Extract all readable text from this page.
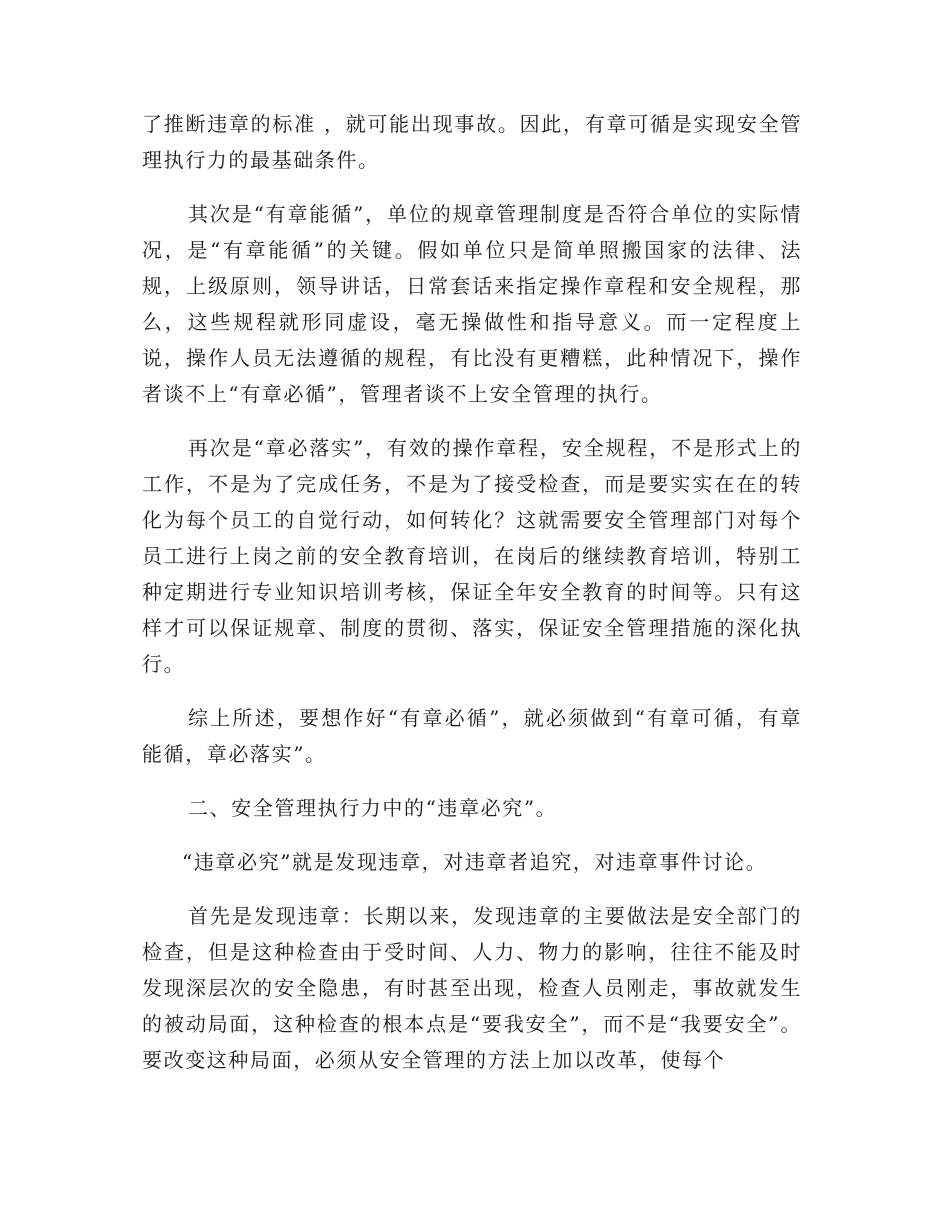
了推断违章的标准 ，就可能出现事故。因此，有章可循是实现安全管理执行力的最基础条件。

其次是“有章能循”，单位的规章管理制度是否符合单位的实际情况，是“有章能循”的关键。假如单位只是简单照搬国家的法律、法规，上级原则，领导讲话，日常套话来指定操作章程和安全规程，那么，这些规程就形同虚设，毫无操做性和指导意义。而一定程度上说，操作人员无法遵循的规程，有比没有更糟糕，此种情况下，操作者谈不上“有章必循”，管理者谈不上安全管理的执行。

再次是“章必落实”，有效的操作章程，安全规程，不是形式上的工作，不是为了完成任务，不是为了接受检查，而是要实实在在的转化为每个员工的自觉行动，如何转化？这就需要安全管理部门对每个员工进行上岗之前的安全教育培训，在岗后的继续教育培训，特别工种定期进行专业知识培训考核，保证全年安全教育的时间等。只有这样才可以保证规章、制度的贯彻、落实，保证安全管理措施的深化执行。

综上所述，要想作好“有章必循”，就必须做到“有章可循，有章能循，章必落实”。

二、安全管理执行力中的“违章必究”。

“违章必究”就是发现违章，对违章者追究，对违章事件讨论。

首先是发现违章：长期以来，发现违章的主要做法是安全部门的检查，但是这种检查由于受时间、人力、物力的影响，往往不能及时发现深层次的安全隐患，有时甚至出现，检查人员刚走，事故就发生的被动局面，这种检查的根本点是“要我安全”，而不是“我要安全”。要改变这种局面，必须从安全管理的方法上加以改革，使每个
